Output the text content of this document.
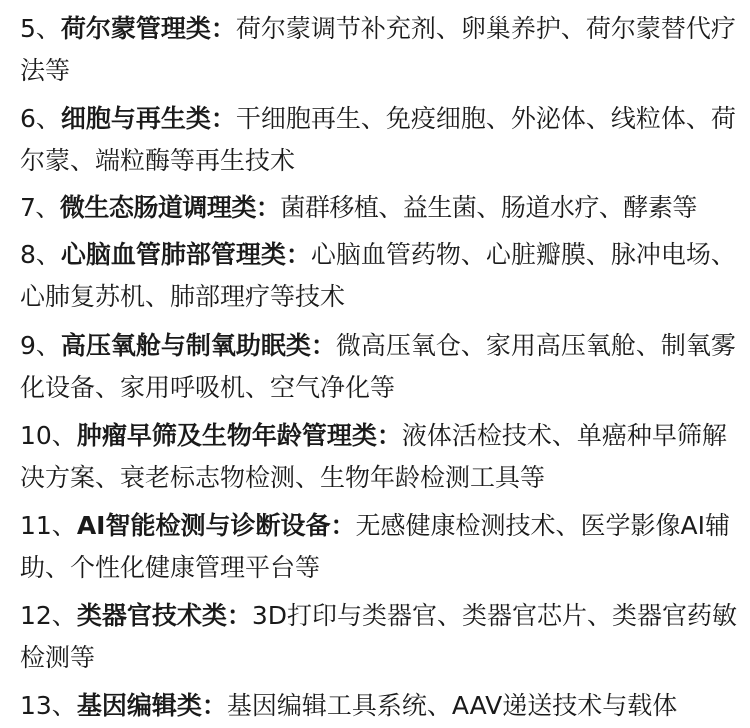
5、荷尔蒙管理类：荷尔蒙调节补充剂、卵巢养护、荷尔蒙替代疗法等

6、细胞与再生类：干细胞再生、免疫细胞、外泌体、线粒体、荷尔蒙、端粒酶等再生技术

7、微生态肠道调理类：菌群移植、益生菌、肠道水疗、酵素等

8、心脑血管肺部管理类：心脑血管药物、心脏瓣膜、脉冲电场、心肺复苏机、肺部理疗等技术

9、高压氧舱与制氧助眠类：微高压氧仓、家用高压氧舱、制氧雾化设备、家用呼吸机、空气净化等

10、肿瘤早筛及生物年龄管理类：液体活检技术、单癌种早筛解决方案、衰老标志物检测、生物年龄检测工具等

11、AI智能检测与诊断设备：无感健康检测技术、医学影像AI辅助、个性化健康管理平台等

12、类器官技术类：3D打印与类器官、类器官芯片、类器官药敏检测等

13、基因编辑类：基因编辑工具系统、AAV递送技术与载体
